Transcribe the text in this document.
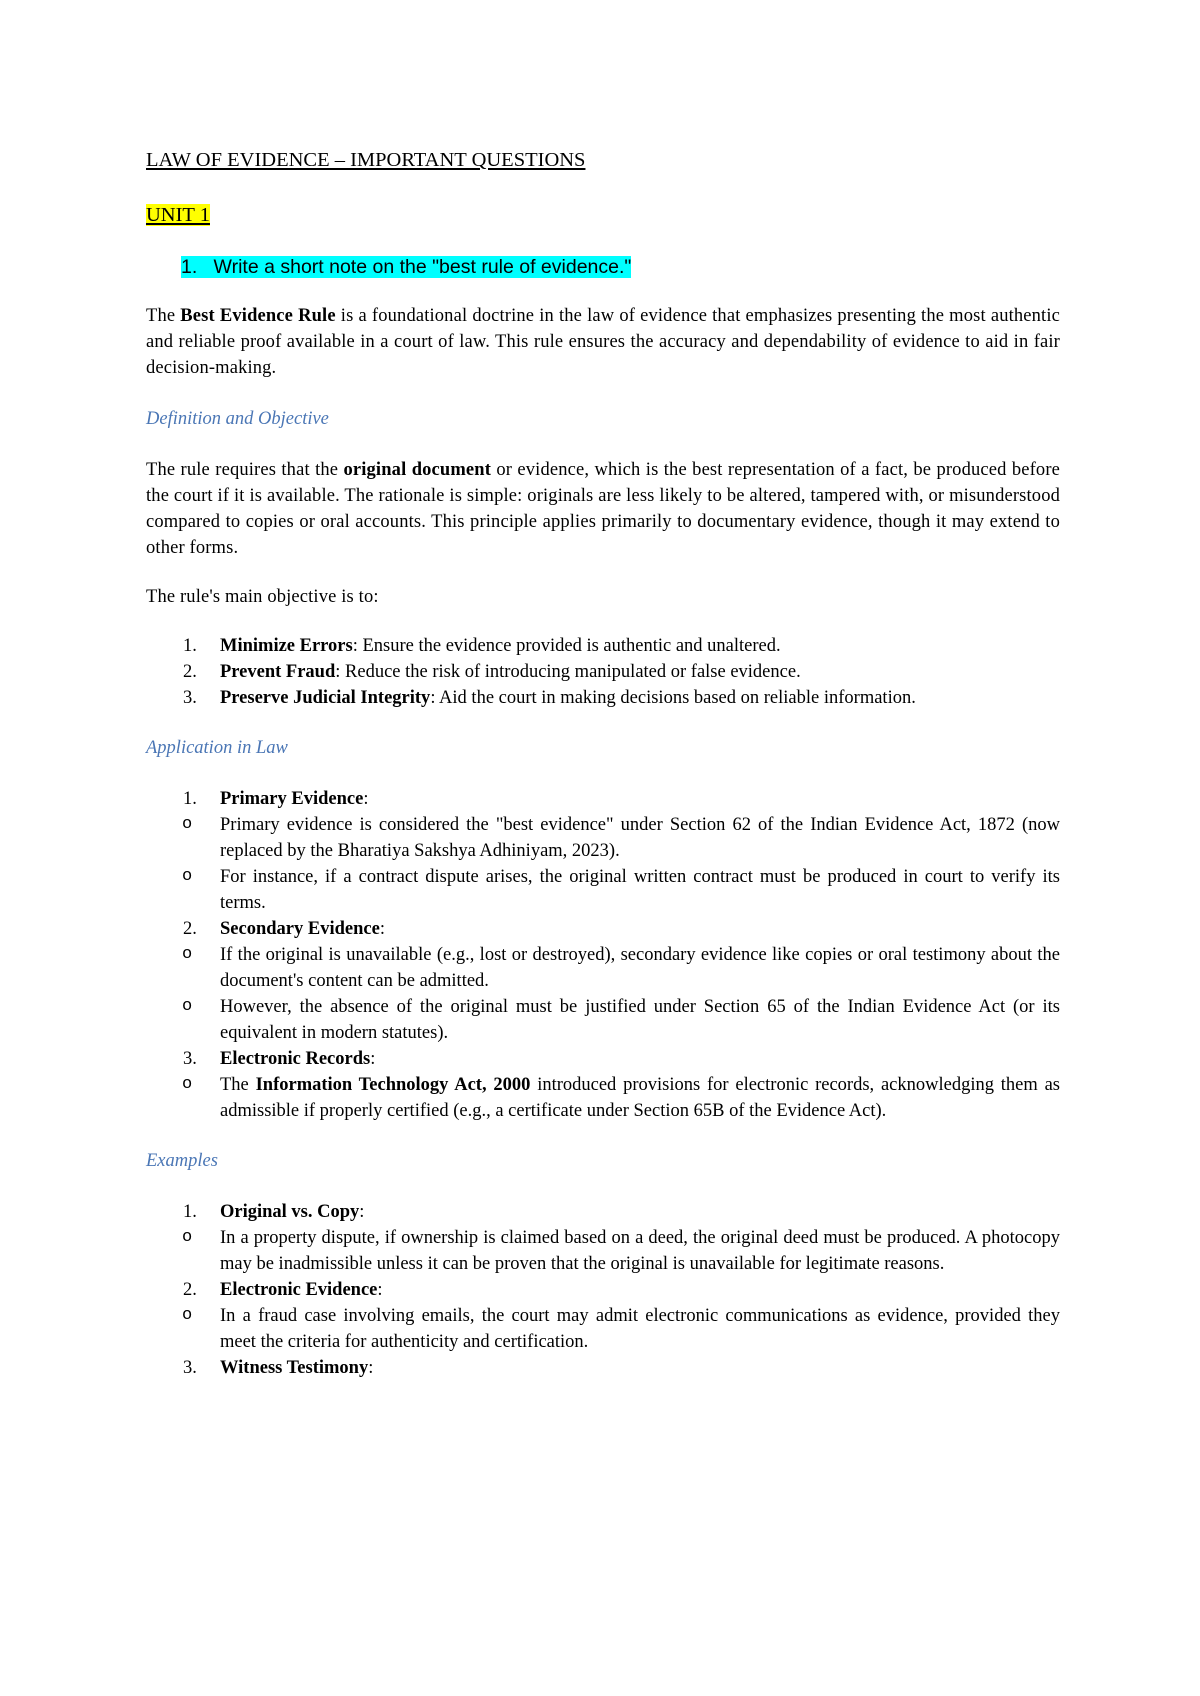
LAW OF EVIDENCE – IMPORTANT QUESTIONS

UNIT 1

1. Write a short note on the "best rule of evidence."

The Best Evidence Rule is a foundational doctrine in the law of evidence that emphasizes presenting the most authentic and reliable proof available in a court of law. This rule ensures the accuracy and dependability of evidence to aid in fair decision-making.

Definition and Objective

The rule requires that the original document or evidence, which is the best representation of a fact, be produced before the court if it is available. The rationale is simple: originals are less likely to be altered, tampered with, or misunderstood compared to copies or oral accounts. This principle applies primarily to documentary evidence, though it may extend to other forms.

The rule's main objective is to:

1. Minimize Errors: Ensure the evidence provided is authentic and unaltered.
2. Prevent Fraud: Reduce the risk of introducing manipulated or false evidence.
3. Preserve Judicial Integrity: Aid the court in making decisions based on reliable information.
Application in Law
1. Primary Evidence:
o Primary evidence is considered the "best evidence" under Section 62 of the Indian Evidence Act, 1872 (now replaced by the Bharatiya Sakshya Adhiniyam, 2023).
o For instance, if a contract dispute arises, the original written contract must be produced in court to verify its terms.
2. Secondary Evidence:
o If the original is unavailable (e.g., lost or destroyed), secondary evidence like copies or oral testimony about the document's content can be admitted.
o However, the absence of the original must be justified under Section 65 of the Indian Evidence Act (or its equivalent in modern statutes).
3. Electronic Records:
o The Information Technology Act, 2000 introduced provisions for electronic records, acknowledging them as admissible if properly certified (e.g., a certificate under Section 65B of the Evidence Act).
Examples
1. Original vs. Copy:
o In a property dispute, if ownership is claimed based on a deed, the original deed must be produced. A photocopy may be inadmissible unless it can be proven that the original is unavailable for legitimate reasons.
2. Electronic Evidence:
o In a fraud case involving emails, the court may admit electronic communications as evidence, provided they meet the criteria for authenticity and certification.
3. Witness Testimony:
